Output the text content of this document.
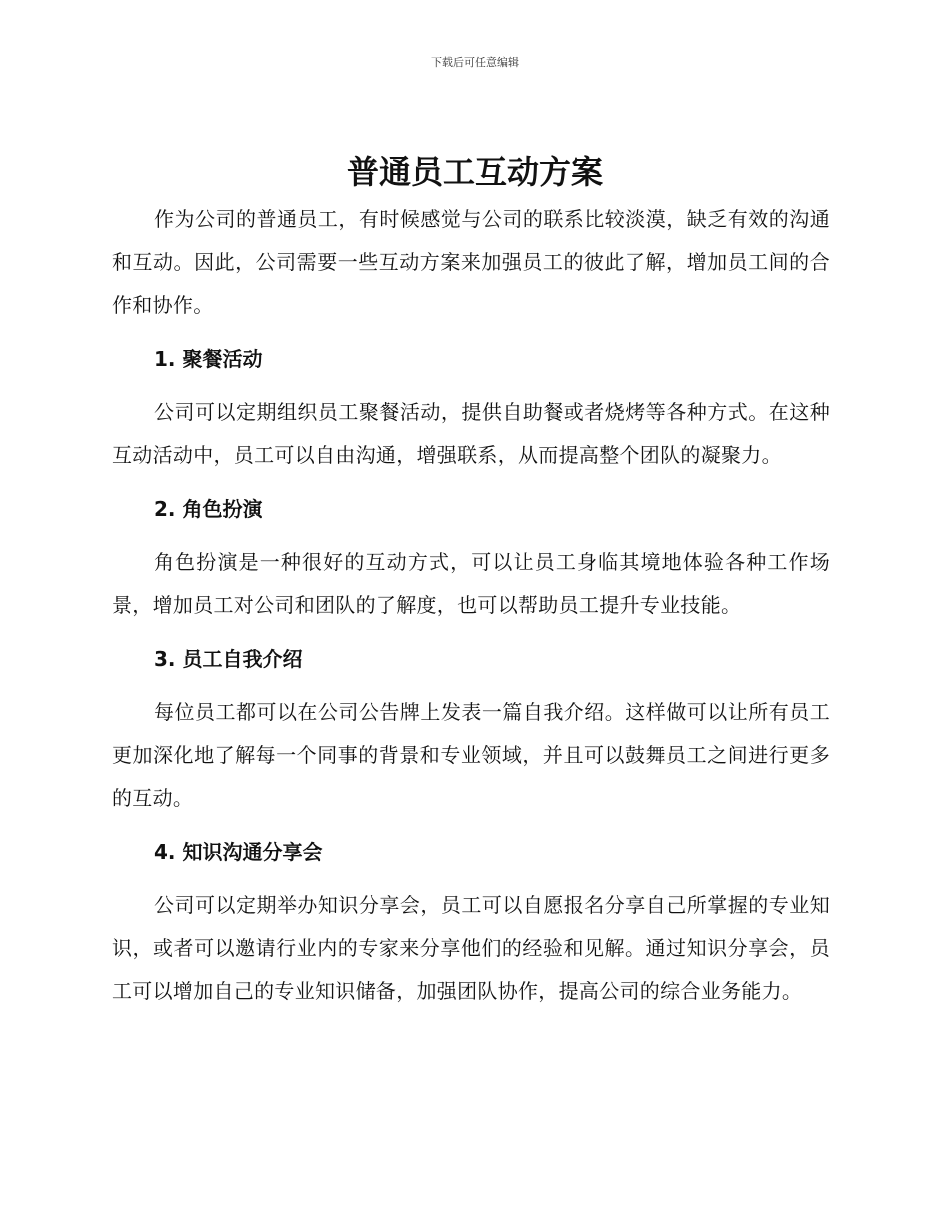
下载后可任意编辑
普通员工互动方案

作为公司的普通员工，有时候感觉与公司的联系比较淡漠，缺乏有效的沟通和互动。因此，公司需要一些互动方案来加强员工的彼此了解，增加员工间的合作和协作。

1. 聚餐活动

公司可以定期组织员工聚餐活动，提供自助餐或者烧烤等各种方式。在这种互动活动中，员工可以自由沟通，增强联系，从而提高整个团队的凝聚力。

2. 角色扮演

角色扮演是一种很好的互动方式，可以让员工身临其境地体验各种工作场景，增加员工对公司和团队的了解度，也可以帮助员工提升专业技能。

3. 员工自我介绍

每位员工都可以在公司公告牌上发表一篇自我介绍。这样做可以让所有员工更加深化地了解每一个同事的背景和专业领域，并且可以鼓舞员工之间进行更多的互动。

4. 知识沟通分享会

公司可以定期举办知识分享会，员工可以自愿报名分享自己所掌握的专业知识，或者可以邀请行业内的专家来分享他们的经验和见解。通过知识分享会，员工可以增加自己的专业知识储备，加强团队协作，提高公司的综合业务能力。
